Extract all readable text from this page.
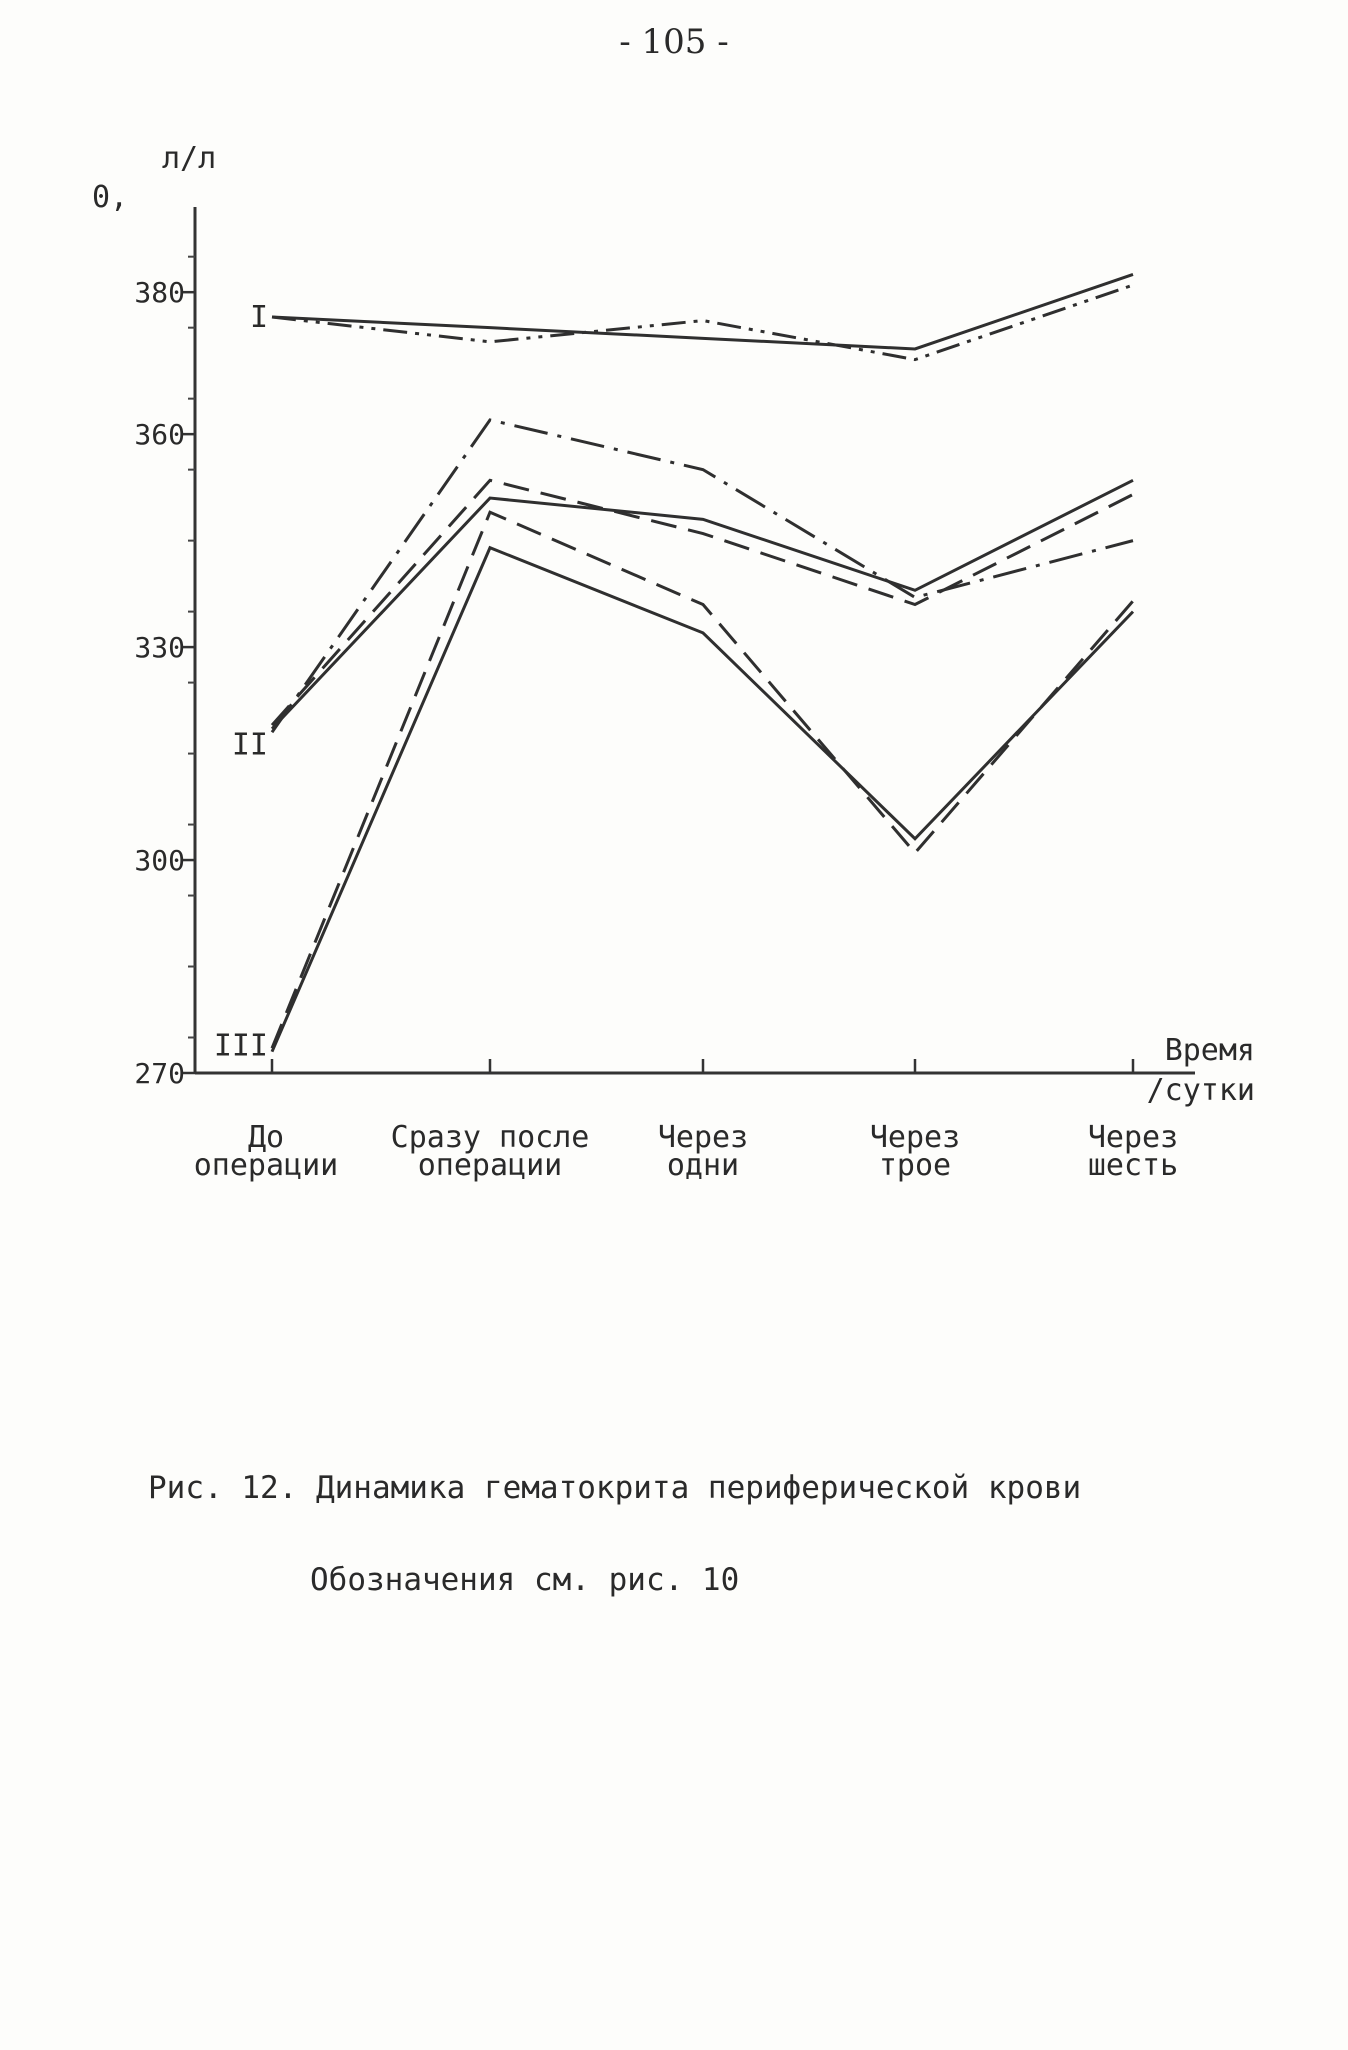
- 105 -
270
300
330
360
380
До
операции
Сразу после
операции
Через
одни
Через
трое
Через
шесть
л/л
0,
Время
/сутки
I
II
III
Рис. 12. Динамика гематокрита периферической крови
Обозначения см. рис. 10
